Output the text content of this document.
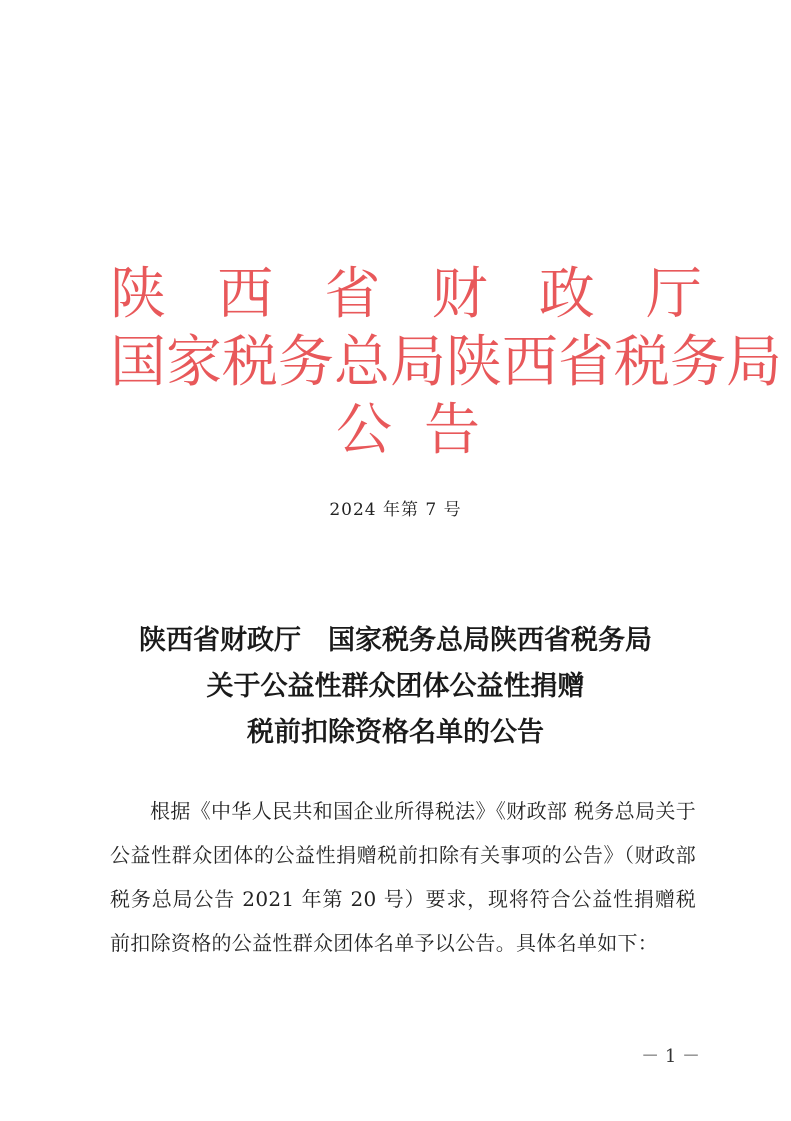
陕 西 省 财 政 厅
国 家 税 务 总 局 陕 西 省 税 务 局
公 告
2024 年第 7 号
陕西省财政厅　国家税务总局陕西省税务局
关于公益性群众团体公益性捐赠
税前扣除资格名单的公告
根据《中华人民共和国企业所得税法》《财政部 税务总局关于公益性群众团体的公益性捐赠税前扣除有关事项的公告》（财政部 税务总局公告 2021 年第 20 号）要求，现将符合公益性捐赠税前扣除资格的公益性群众团体名单予以公告。具体名单如下：
－ 1 －
